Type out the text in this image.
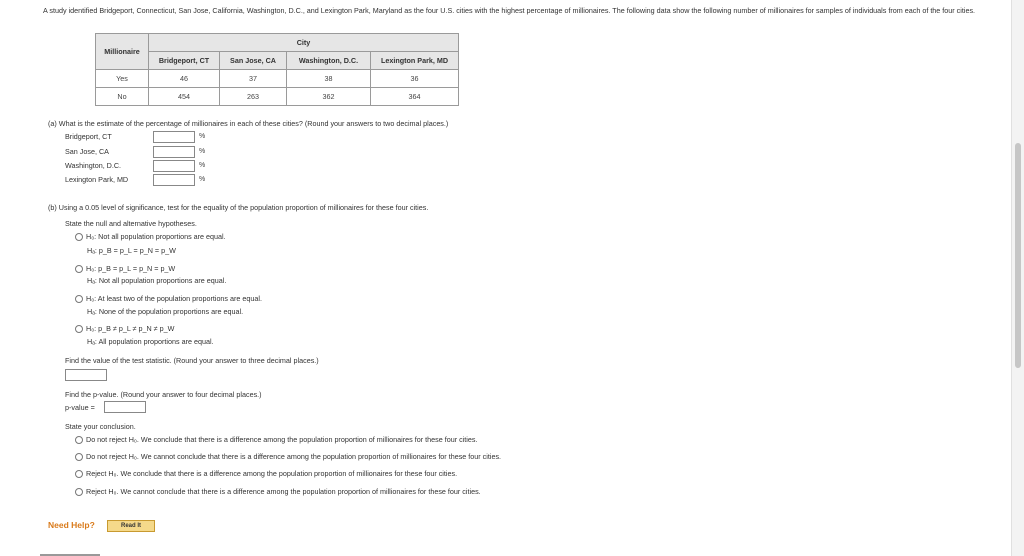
A study identified Bridgeport, Connecticut, San Jose, California, Washington, D.C., and Lexington Park, Maryland as the four U.S. cities with the highest percentage of millionaires. The following data show the following number of millionaires for samples of individuals from each of the four cities.
Millionaire	City			
	Bridgeport, CT	San Jose, CA	Washington, D.C.	Lexington Park, MD
Yes	46	37	38	36
No	454	263	362	364
(a) What is the estimate of the percentage of millionaires in each of these cities? (Round your answers to two decimal places.)
Bridgeport, CT	%
San Jose, CA	%
Washington, D.C.	%
Lexington Park, MD	%
(b) Using a 0.05 level of significance, test for the equality of the population proportion of millionaires for these four cities.
State the null and alternative hypotheses.
H₀: Not all population proportions are equal.
Hₐ: p_B = p_L = p_N = p_W
H₀: p_B = p_L = p_N = p_W
Hₐ: Not all population proportions are equal.
H₀: At least two of the population proportions are equal.
Hₐ: None of the population proportions are equal.
H₀: p_B ≠ p_L ≠ p_N ≠ p_W
Hₐ: All population proportions are equal.
Find the value of the test statistic. (Round your answer to three decimal places.)
Find the p-value. (Round your answer to four decimal places.)
p-value =
State your conclusion.
Do not reject H₀. We conclude that there is a difference among the population proportion of millionaires for these four cities.
Do not reject H₀. We cannot conclude that there is a difference among the population proportion of millionaires for these four cities.
Reject H₀. We conclude that there is a difference among the population proportion of millionaires for these four cities.
Reject H₀. We cannot conclude that there is a difference among the population proportion of millionaires for these four cities.
Need Help?	Read It
